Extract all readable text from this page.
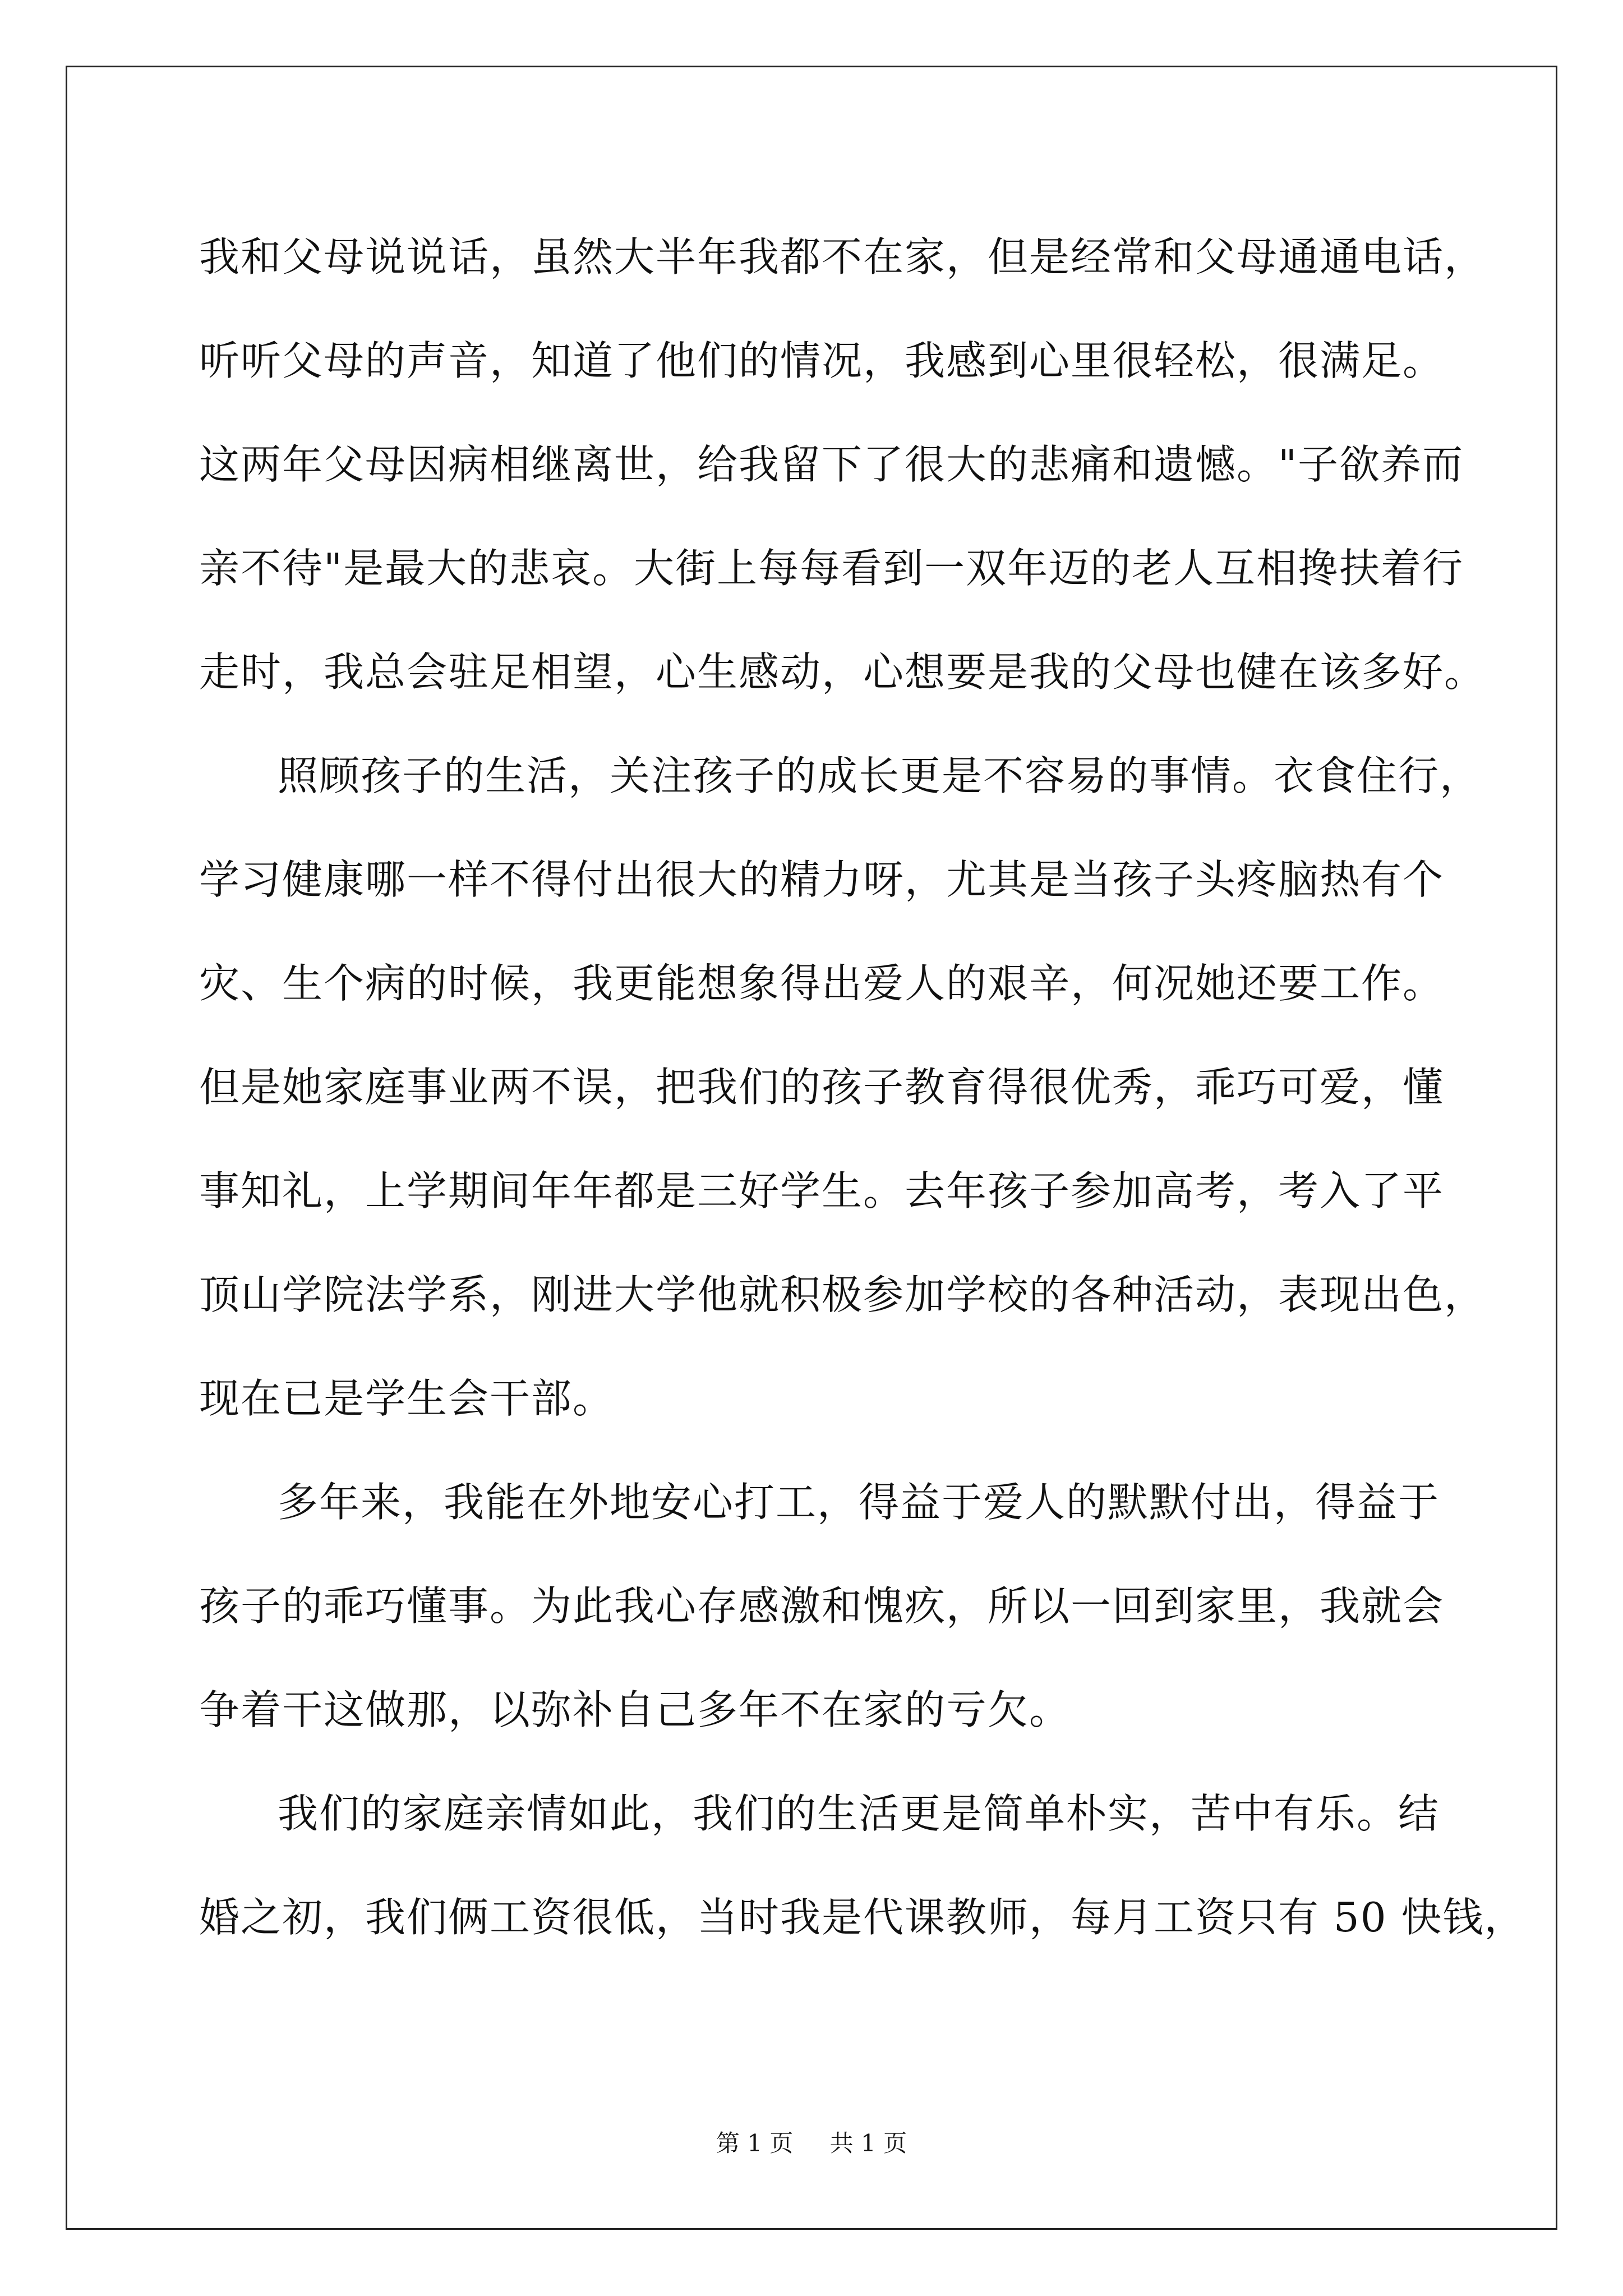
我和父母说说话，虽然大半年我都不在家，但是经常和父母通通电话，
听听父母的声音，知道了他们的情况，我感到心里很轻松，很满足。
这两年父母因病相继离世，给我留下了很大的悲痛和遗憾。"子欲养而
亲不待"是最大的悲哀。大街上每每看到一双年迈的老人互相搀扶着行
走时，我总会驻足相望，心生感动，心想要是我的父母也健在该多好。
照顾孩子的生活，关注孩子的成长更是不容易的事情。衣食住行，
学习健康哪一样不得付出很大的精力呀，尤其是当孩子头疼脑热有个
灾、生个病的时候，我更能想象得出爱人的艰辛，何况她还要工作。
但是她家庭事业两不误，把我们的孩子教育得很优秀，乖巧可爱，懂
事知礼，上学期间年年都是三好学生。去年孩子参加高考，考入了平
顶山学院法学系，刚进大学他就积极参加学校的各种活动，表现出色，
现在已是学生会干部。
多年来，我能在外地安心打工，得益于爱人的默默付出，得益于
孩子的乖巧懂事。为此我心存感激和愧疚，所以一回到家里，我就会
争着干这做那，以弥补自己多年不在家的亏欠。
我们的家庭亲情如此，我们的生活更是简单朴实，苦中有乐。结
婚之初，我们俩工资很低，当时我是代课教师，每月工资只有 50 快钱，
第 1 页 共 1 页
